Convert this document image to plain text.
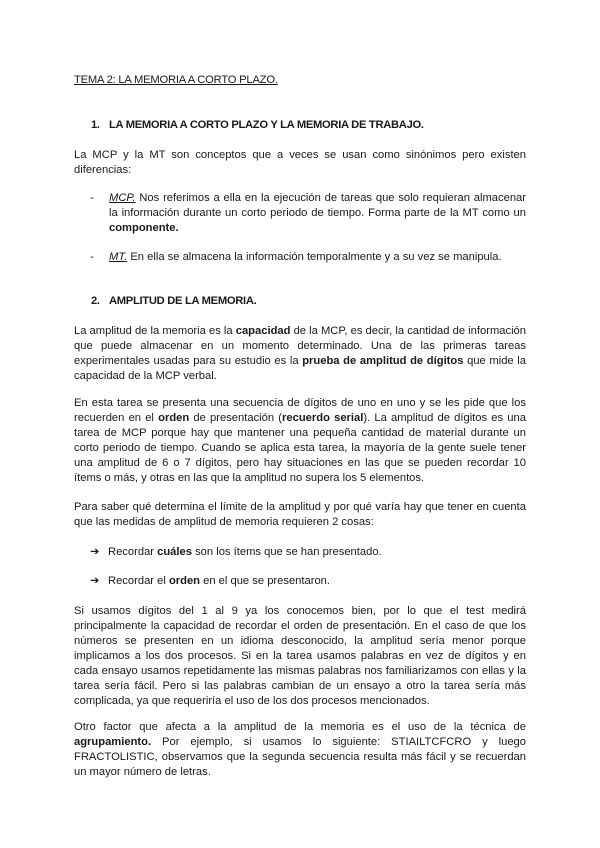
TEMA 2: LA MEMORIA A CORTO PLAZO.

1. LA MEMORIA A CORTO PLAZO Y LA MEMORIA DE TRABAJO.

La MCP y la MT son conceptos que a veces se usan como sinónimos pero existen diferencias:

- MCP. Nos referimos a ella en la ejecución de tareas que solo requieran almacenar la información durante un corto periodo de tiempo. Forma parte de la MT como un componente.

- MT. En ella se almacena la información temporalmente y a su vez se manipula.

2. AMPLITUD DE LA MEMORIA.

La amplitud de la memoria es la capacidad de la MCP, es decir, la cantidad de información que puede almacenar en un momento determinado. Una de las primeras tareas experimentales usadas para su estudio es la prueba de amplitud de dígitos que mide la capacidad de la MCP verbal.

En esta tarea se presenta una secuencia de dígitos de uno en uno y se les pide que los recuerden en el orden de presentación (recuerdo serial). La amplitud de dígitos es una tarea de MCP porque hay que mantener una pequeña cantidad de material durante un corto periodo de tiempo. Cuando se aplica esta tarea, la mayoría de la gente suele tener una amplitud de 6 o 7 dígitos, pero hay situaciones en las que se pueden recordar 10 ítems o más, y otras en las que la amplitud no supera los 5 elementos.

Para saber qué determina el límite de la amplitud y por qué varía hay que tener en cuenta que las medidas de amplitud de memoria requieren 2 cosas:

➔ Recordar cuáles son los ítems que se han presentado.

➔ Recordar el orden en el que se presentaron.

Si usamos dígitos del 1 al 9 ya los conocemos bien, por lo que el test medirá principalmente la capacidad de recordar el orden de presentación. En el caso de que los números se presenten en un idioma desconocido, la amplitud sería menor porque implicamos a los dos procesos. Si en la tarea usamos palabras en vez de dígitos y en cada ensayo usamos repetidamente las mismas palabras nos familiarizamos con ellas y la tarea sería fácil. Pero si las palabras cambian de un ensayo a otro la tarea sería más complicada, ya que requeriría el uso de los dos procesos mencionados.

Otro factor que afecta a la amplitud de la memoria es el uso de la técnica de agrupamiento. Por ejemplo, si usamos lo siguiente: STIAILTCFCRO y luego FRACTOLISTIC, observamos que la segunda secuencia resulta más fácil y se recuerdan un mayor número de letras.
